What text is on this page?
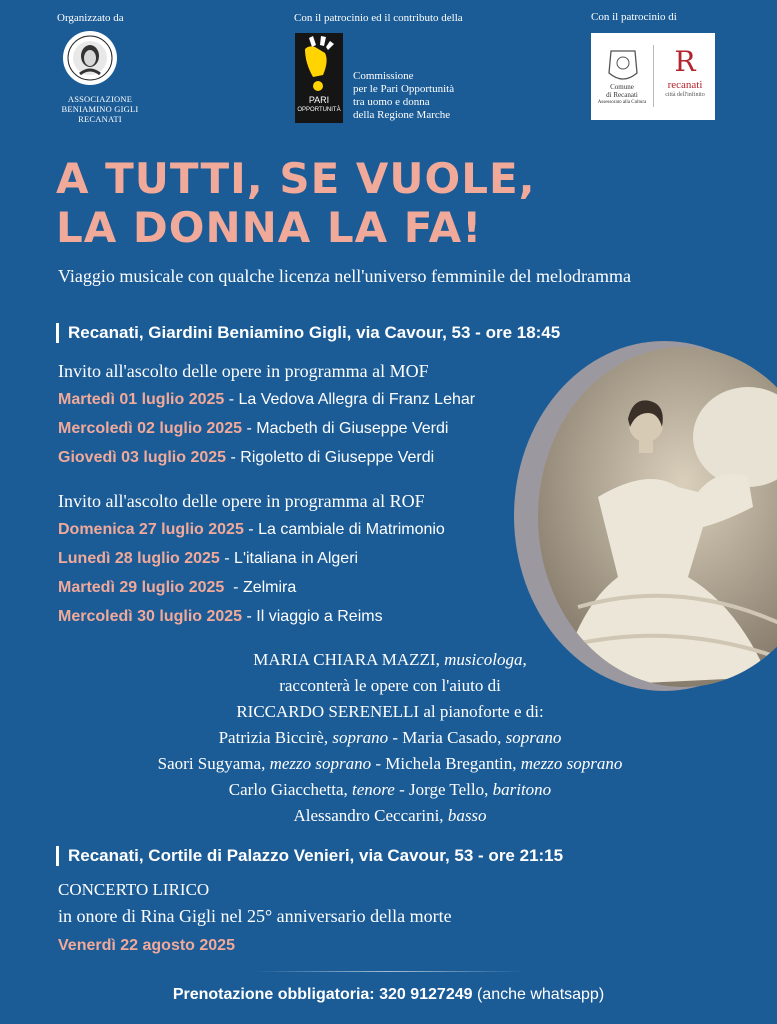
Organizzato da
ASSOCIAZIONE
BENIAMINO GIGLI
RECANATI
Con il patrocinio ed il contributo della
PARI
OPPORTUNITÀ
Commissione
per le Pari Opportunità
tra uomo e donna
della Regione Marche
Con il patrocinio di
Comune
di Recanati
Assessorato alla Cultura
R
recanati
città dell'infinito
A TUTTI, SE VUOLE,
LA DONNA LA FA!
Viaggio musicale con qualche licenza nell'universo femminile del melodramma
Recanati, Giardini Beniamino Gigli, via Cavour, 53 - ore 18:45
Invito all'ascolto delle opere in programma al MOF
Martedì 01 luglio 2025 - La Vedova Allegra di Franz Lehar
Mercoledì 02 luglio 2025 - Macbeth di Giuseppe Verdi
Giovedì 03 luglio 2025 - Rigoletto di Giuseppe Verdi
Invito all'ascolto delle opere in programma al ROF
Domenica 27 luglio 2025 - La cambiale di Matrimonio
Lunedì 28 luglio 2025 - L'italiana in Algeri
Martedì 29 luglio 2025  - Zelmira
Mercoledì 30 luglio 2025 - Il viaggio a Reims
MARIA CHIARA MAZZI, musicologa,
racconterà le opere con l'aiuto di
RICCARDO SERENELLI al pianoforte e di:
Patrizia Biccirè, soprano - Maria Casado, soprano
Saori Sugyama, mezzo soprano - Michela Bregantin, mezzo soprano
Carlo Giacchetta, tenore - Jorge Tello, baritono
Alessandro Ceccarini, basso
Recanati, Cortile di Palazzo Venieri, via Cavour, 53 - ore 21:15
CONCERTO LIRICO
in onore di Rina Gigli nel 25° anniversario della morte
Venerdì 22 agosto 2025
Prenotazione obbligatoria: 320 9127249 (anche whatsapp)
